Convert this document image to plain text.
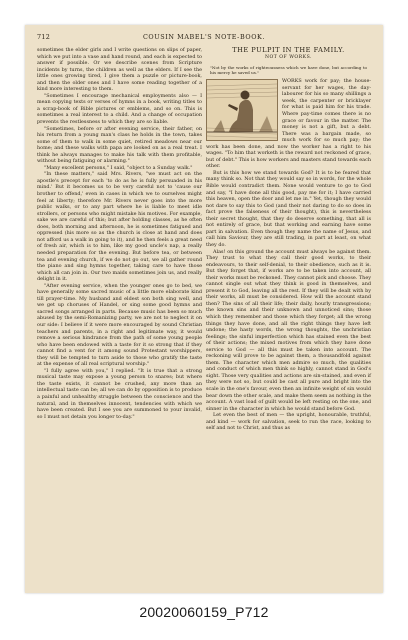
712	COUSIN MABEL'S NOTE-BOOK.

sometimes the elder girls and I write questions on slips of paper, which we put into a vase and hand round, and each is expected to answer if possible. Or we describe scenes from Scripture incidents by turns, the children as well as the elders. If I see the little ones growing tired, I give them a puzzle or picture-book, and then the older ones and I have some reading together of a kind more interesting to them.

"Sometimes I encourage mechanical employments also — I mean copying texts or verses of hymns in a book, writing titles to a scrap-book of Bible pictures or emblems, and so on. This is sometimes a real interest to a child. And a change of occupation prevents the restlessness to which they are so liable.

"Sometimes, before or after evening service, their father, on his return from a young man's class he holds in the town, takes some of them to walk in some quiet, retired meadows near our home; and these walks with papa are looked on as a real treat. I think he always manages to make his talk with them profitable, without being fatiguing or alarming."

"Many excellent persons," I said, "object to a Sunday walk."

"In these matters," said Mrs. Rivers, "we must act on the apostle's precept for each 'to do as he is fully persuaded in his mind.' But it becomes us to be very careful not to 'cause our brother to offend,' even in cases in which we to ourselves might feel at liberty; therefore Mr. Rivers never goes into the more public walks, or to any part where he is liable to meet idle strollers, or persons who might mistake his motives. For example, sake we are careful of this; but after holding classes, as he often does, both morning and afternoon, he is sometimes fatigued and oppressed (his more so as the church is close at hand and does not afford us a walk in going to it), and he then feels a great need of fresh air, which is to him, like my good uncle's nap, a really needed preparation for the evening. But before tea, or between tea and evening church, if we do not go out, we all gather round the piano and sing hymns together, taking care to have those which all can join in. Our two maids sometimes join us, and really delight in it.

"After evening service, when the younger ones go to bed, we have generally some sacred music of a little more elaborate kind till prayer-time. My husband and eldest son both sing well, and we get up choruses of Handel, or sing some good hymns and sacred songs arranged in parts. Because music has been so much abused by the semi-Romanizing party, we are not to neglect it on our side: I believe if it were more encouraged by sound Christian teachers and parents, in a right and legitimate way, it would remove a serious hindrance from the path of some young people who have been endowed with a taste for it so strong that if they cannot find a vent for it among sound Protestant worshippers, they will be tempted to turn aside to those who gratify the taste at the expense of all real scriptural worship."

"I fully agree with you," I replied. "It is true that a strong musical taste may expose a young person to snares; but where the taste exists, it cannot be crushed, any more than an intellectual taste can be; all we can do by opposition is to produce a painful and unhealthy struggle between the conscience and the natural, and in themselves innocent, tendencies with which we have been created. But I see you are summoned to your invalid, so I must not detain you longer to-day."

THE PULPIT IN THE FAMILY.
NOT OF WORKS.

"Not by the works of righteousness which we have done, but according to his mercy he saved us."

WORKS work for pay; the house-servant for her wages, the day-labourer for his so many shillings a week, the carpenter or bricklayer for what is paid him for his trade. Where pay-time comes there is no grace or favour in the matter. The money is not a gift, but a debt. There was a bargain made, so much work for so much pay; the work has been done, and now the worker has a right to his wages. "To him that worketh is the reward not reckoned of grace, but of debt." This is how workers and masters stand towards each other.

But is this how we stand towards God? It is to be feared that many think so. Not that they would say so in words, for the whole Bible would contradict them. None would venture to go to God and say, "I have done all this good, pay me for it; I have carried this heaven, open the door and let me in." Yet, though they would not dare to say this to God (and their not daring to do so does in fact prove the falseness of their thought), this is nevertheless their secret thought, that they do deserve something, that all is not entirely of grace, but that working and earning have some part in salvation. Even though they name the name of Jesus, and call him Saviour, they are still trading, in part at least, on what they do.

Alas! on this ground the account must always be against them. They trust to what they call their good works, to their endeavours, to their self-denial, to their obedience, such as it is. But they forget that, if works are to be taken into account, all their works must be reckoned. They cannot pick and choose. They cannot single out what they think is good in themselves, and present it to God, leaving all the rest. If they will be dealt with by their works, all must be considered. How will the account stand then? The sins of all their life; their daily, hourly transgressions; the known sins and their unknown and unnoticed sins; those which they remember and those which they forget; all the wrong things they have done, and all the right things they have left undone; the hasty words, the wrong thoughts, the unchristian feelings; the sinful imperfection which has stained even the best of their actions; the mixed motives from which they have done service to God — all this must be taken into account. The reckoning will prove to be against them, a thousandfold against them. The character which men admire so much, the qualities and conduct of which men think so highly, cannot stand in God's sight. Those very qualities and actions are sin-stained, and even if they were not so, but could be cast all pure and bright into the scale in the one's favour, even then an infinite weight of sin would bear down the other scale, and make them seem as nothing in the account. A vast load of guilt would be left resting on the one, and sinner in the character in which he would stand before God.

Let even the best of men — the upright, honourable, truthful, and kind — work for salvation, seek to run the race, looking to self and not to Christ, and thus as

20020060159_P712
